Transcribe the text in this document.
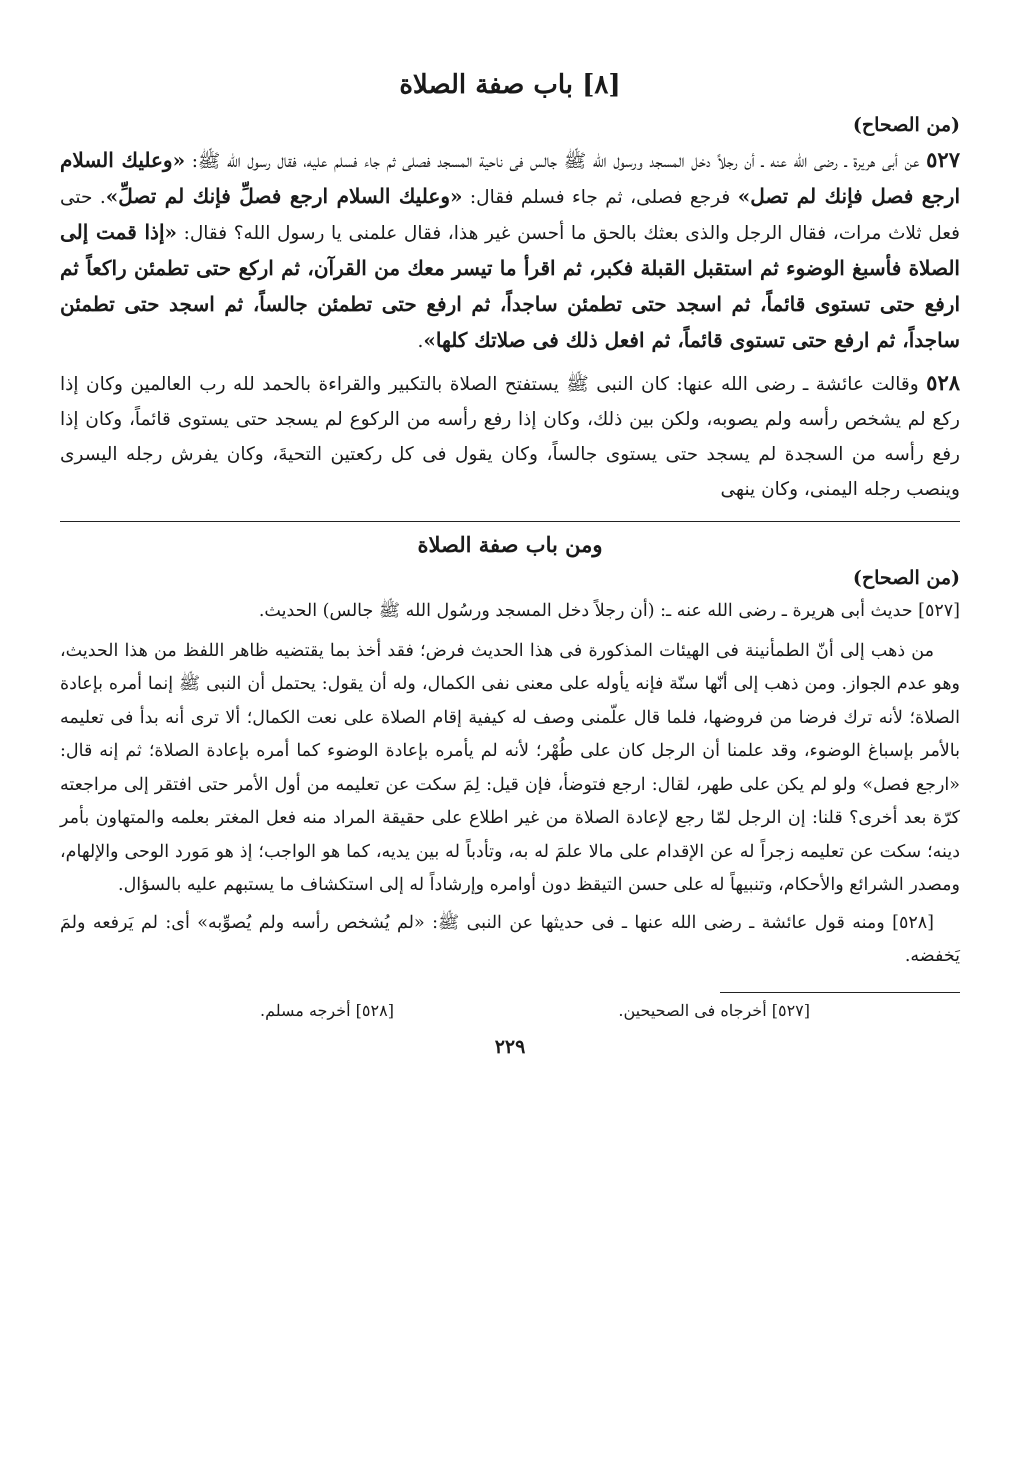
[٨] باب صفة الصلاة
(من الصحاح)

٥٢٧ عن أبى هريرة ـ رضى الله عنه ـ أن رجلاً دخل المسجد ورسول الله ﷺ جالس فى ناحية المسجد فصلى ثم جاء فسلم عليه، فقال رسول الله ﷺ: «وعليك السلام ارجع فصل فإنك لم تصل» فرجع فصلى، ثم جاء فسلم فقال: «وعليك السلام ارجع فصلِّ فإنك لم تصلِّ». حتى فعل ثلاث مرات، فقال الرجل والذى بعثك بالحق ما أحسن غير هذا، فقال علمنى يا رسول الله؟ فقال: «إذا قمت إلى الصلاة فأسبغ الوضوء ثم استقبل القبلة فكبر، ثم اقرأ ما تيسر معك من القرآن، ثم اركع حتى تطمئن راكعاً ثم ارفع حتى تستوى قائماً، ثم اسجد حتى تطمئن ساجداً، ثم ارفع حتى تطمئن جالساً، ثم اسجد حتى تطمئن ساجداً، ثم ارفع حتى تستوى قائماً، ثم افعل ذلك فى صلاتك كلها».

٥٢٨ وقالت عائشة ـ رضى الله عنها: كان النبى ﷺ يستفتح الصلاة بالتكبير والقراءة بالحمد لله رب العالمين وكان إذا ركع لم يشخص رأسه ولم يصوبه، ولكن بين ذلك، وكان إذا رفع رأسه من الركوع لم يسجد حتى يستوى قائماً، وكان إذا رفع رأسه من السجدة لم يسجد حتى يستوى جالساً، وكان يقول فى كل ركعتين التحيةَ، وكان يفرش رجله اليسرى وينصب رجله اليمنى، وكان ينهى

ومن باب صفة الصلاة
(من الصحاح)

[٥٢٧] حديث أبى هريرة ـ رضى الله عنه ـ: (أن رجلاً دخل المسجد ورسُول الله ﷺ جالس) الحديث.

من ذهب إلى أنّ الطمأنينة فى الهيئات المذكورة فى هذا الحديث فرض؛ فقد أخذ بما يقتضيه ظاهر اللفظ من هذا الحديث، وهو عدم الجواز. ومن ذهب إلى أنّها سنّة فإنه يأوله على معنى نفى الكمال، وله أن يقول: يحتمل أن النبى ﷺ إنما أمره بإعادة الصلاة؛ لأنه ترك فرضا من فروضها، فلما قال علّمنى وصف له كيفية إقام الصلاة على نعت الكمال؛ ألا ترى أنه بدأ فى تعليمه بالأمر بإسباغ الوضوء، وقد علمنا أن الرجل كان على طُهْر؛ لأنه لم يأمره بإعادة الوضوء كما أمره بإعادة الصلاة؛ ثم إنه قال: «ارجع فصل» ولو لم يكن على طهر، لقال: ارجع فتوضأ، فإن قيل: لِمَ سكت عن تعليمه من أول الأمر حتى افتقر إلى مراجعته كرّة بعد أخرى؟ قلنا: إن الرجل لمّا رجع لإعادة الصلاة من غير اطلاع على حقيقة المراد منه فعل المغتر بعلمه والمتهاون بأمر دينه؛ سكت عن تعليمه زجراً له عن الإقدام على مالا علمَ له به، وتأدباً له بين يديه، كما هو الواجب؛ إذ هو مَورد الوحى والإلهام، ومصدر الشرائع والأحكام، وتنبيهاً له على حسن التيقظ دون أوامره وإرشاداً له إلى استكشاف ما يستبهم عليه بالسؤال.

[٥٢٨] ومنه قول عائشة ـ رضى الله عنها ـ فى حديثها عن النبى ﷺ: «لم يُشخص رأسه ولم يُصوِّبه» أى: لم يَرفعه ولمَ يَخفضه.

[٥٢٧] أخرجاه فى الصحيحين.
[٥٢٨] أخرجه مسلم.
٢٢٩
